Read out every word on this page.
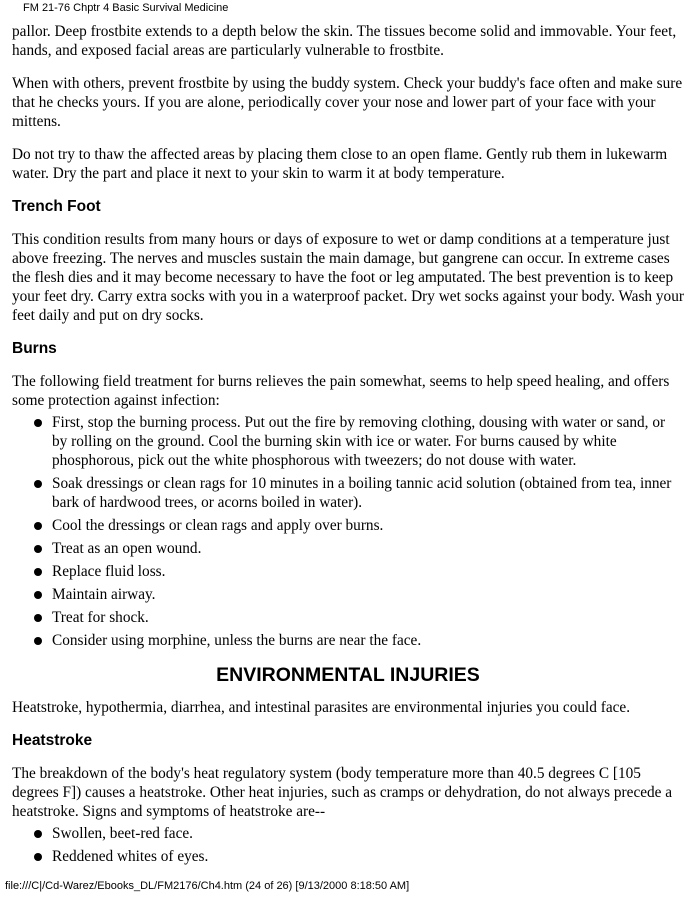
FM 21-76 Chptr 4 Basic Survival Medicine

pallor. Deep frostbite extends to a depth below the skin. The tissues become solid and immovable. Your feet, hands, and exposed facial areas are particularly vulnerable to frostbite.

When with others, prevent frostbite by using the buddy system. Check your buddy's face often and make sure that he checks yours. If you are alone, periodically cover your nose and lower part of your face with your mittens.

Do not try to thaw the affected areas by placing them close to an open flame. Gently rub them in lukewarm water. Dry the part and place it next to your skin to warm it at body temperature.

Trench Foot

This condition results from many hours or days of exposure to wet or damp conditions at a temperature just above freezing. The nerves and muscles sustain the main damage, but gangrene can occur. In extreme cases the flesh dies and it may become necessary to have the foot or leg amputated. The best prevention is to keep your feet dry. Carry extra socks with you in a waterproof packet. Dry wet socks against your body. Wash your feet daily and put on dry socks.

Burns

The following field treatment for burns relieves the pain somewhat, seems to help speed healing, and offers some protection against infection:

First, stop the burning process. Put out the fire by removing clothing, dousing with water or sand, or by rolling on the ground. Cool the burning skin with ice or water. For burns caused by white phosphorous, pick out the white phosphorous with tweezers; do not douse with water.
Soak dressings or clean rags for 10 minutes in a boiling tannic acid solution (obtained from tea, inner bark of hardwood trees, or acorns boiled in water).
Cool the dressings or clean rags and apply over burns.
Treat as an open wound.
Replace fluid loss.
Maintain airway.
Treat for shock.
Consider using morphine, unless the burns are near the face.
ENVIRONMENTAL INJURIES

Heatstroke, hypothermia, diarrhea, and intestinal parasites are environmental injuries you could face.

Heatstroke

The breakdown of the body's heat regulatory system (body temperature more than 40.5 degrees C [105 degrees F]) causes a heatstroke. Other heat injuries, such as cramps or dehydration, do not always precede a heatstroke. Signs and symptoms of heatstroke are--

Swollen, beet-red face.
Reddened whites of eyes.
file:///C|/Cd-Warez/Ebooks_DL/FM2176/Ch4.htm (24 of 26) [9/13/2000 8:18:50 AM]
